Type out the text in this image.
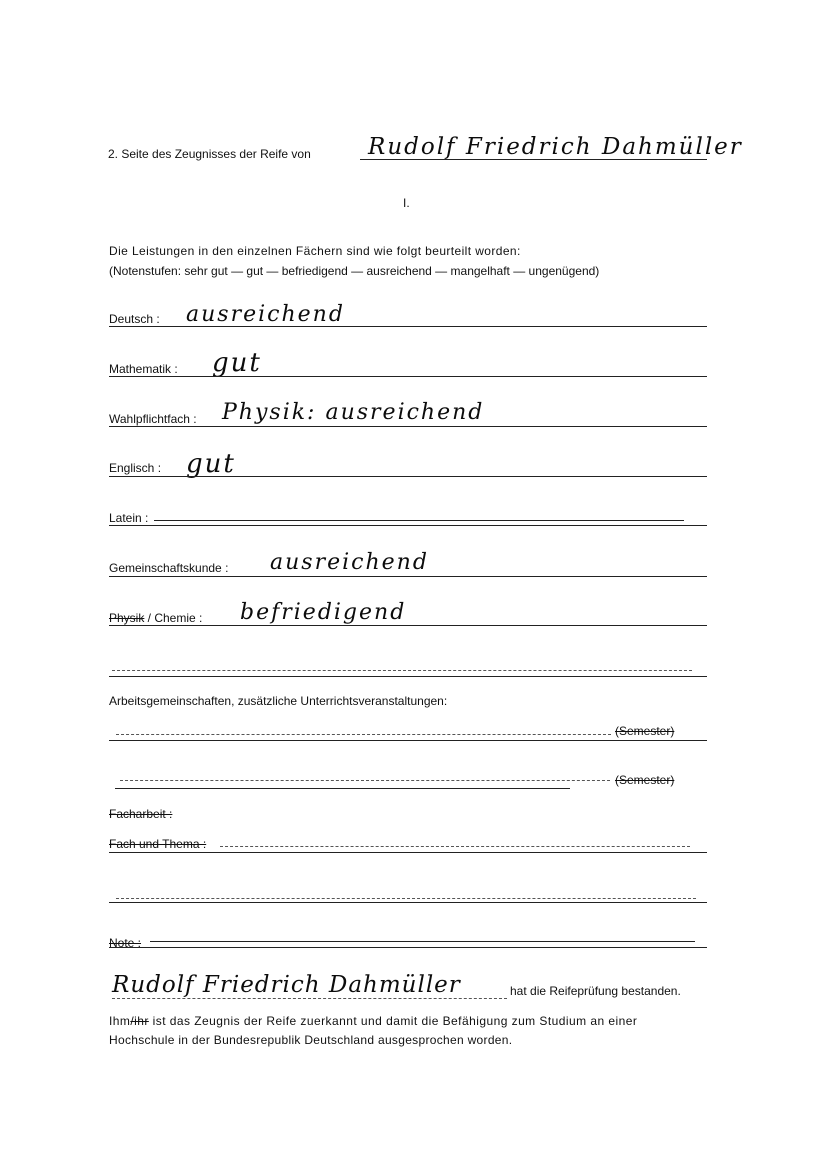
2. Seite des Zeugnisses der Reife von Rudolf Friedrich Dahmüller
I.
Die Leistungen in den einzelnen Fächern sind wie folgt beurteilt worden:
(Notenstufen: sehr gut — gut — befriedigend — ausreichend — mangelhaft — ungenügend)
Deutsch : ausreichend
Mathematik : gut
Wahlpflichtfach : Physik: ausreichend
Englisch : gut
Latein :
Gemeinschaftskunde : ausreichend
Physik / Chemie : befriedigend
Arbeitsgemeinschaften, zusätzliche Unterrichtsveranstaltungen:
(Semester)
(Semester)
Facharbeit :
Fach und Thema :
Note :
Rudolf Friedrich Dahmüller	hat die Reifeprüfung bestanden.
Ihm/ihr ist das Zeugnis der Reife zuerkannt und damit die Befähigung zum Studium an einer
Hochschule in der Bundesrepublik Deutschland ausgesprochen worden.
